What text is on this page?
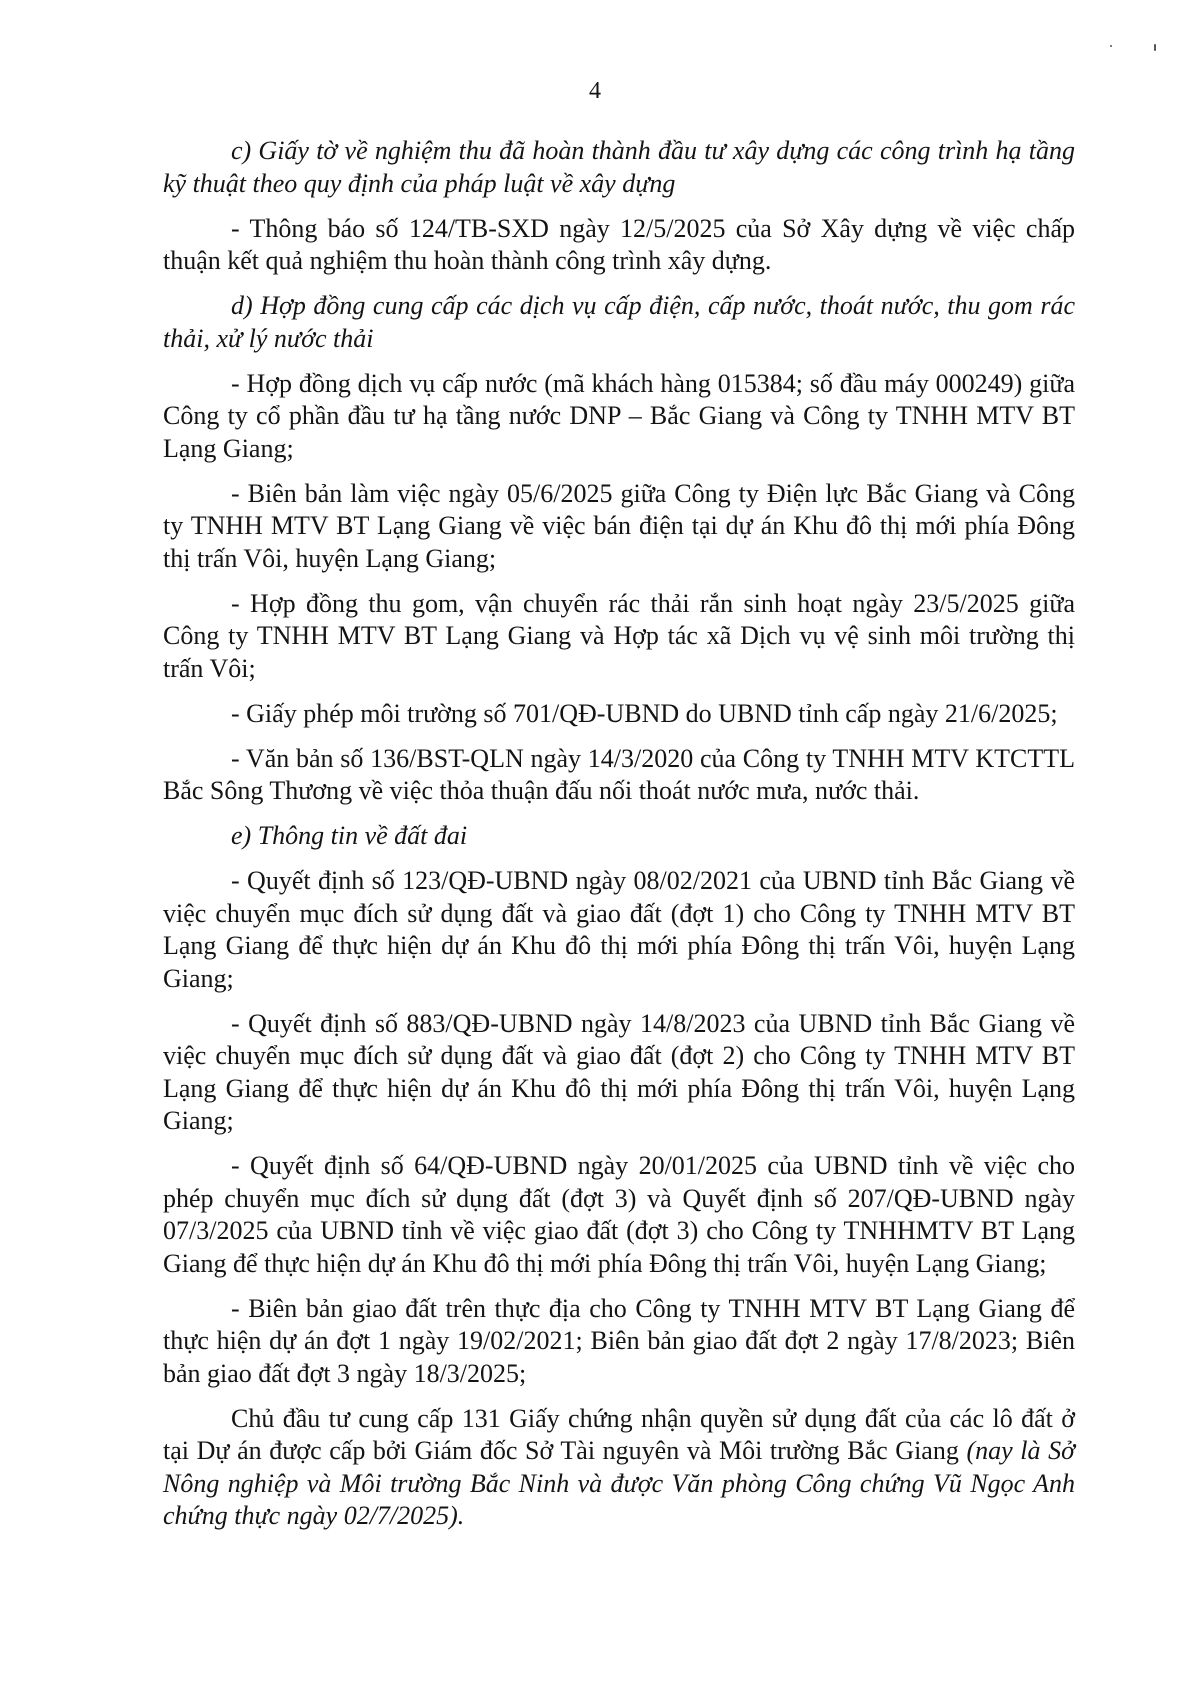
4

c) Giấy tờ về nghiệm thu đã hoàn thành đầu tư xây dựng các công trình hạ tầng kỹ thuật theo quy định của pháp luật về xây dựng

- Thông báo số 124/TB-SXD ngày 12/5/2025 của Sở Xây dựng về việc chấp thuận kết quả nghiệm thu hoàn thành công trình xây dựng.

d) Hợp đồng cung cấp các dịch vụ cấp điện, cấp nước, thoát nước, thu gom rác thải, xử lý nước thải

- Hợp đồng dịch vụ cấp nước (mã khách hàng 015384; số đầu máy 000249) giữa Công ty cổ phần đầu tư hạ tầng nước DNP – Bắc Giang và Công ty TNHH MTV BT Lạng Giang;

- Biên bản làm việc ngày 05/6/2025 giữa Công ty Điện lực Bắc Giang và Công ty TNHH MTV BT Lạng Giang về việc bán điện tại dự án Khu đô thị mới phía Đông thị trấn Vôi, huyện Lạng Giang;

- Hợp đồng thu gom, vận chuyển rác thải rắn sinh hoạt ngày 23/5/2025 giữa Công ty TNHH MTV BT Lạng Giang và Hợp tác xã Dịch vụ vệ sinh môi trường thị trấn Vôi;

- Giấy phép môi trường số 701/QĐ-UBND do UBND tỉnh cấp ngày 21/6/2025;

- Văn bản số 136/BST-QLN ngày 14/3/2020 của Công ty TNHH MTV KTCTTL Bắc Sông Thương về việc thỏa thuận đấu nối thoát nước mưa, nước thải.

e) Thông tin về đất đai

- Quyết định số 123/QĐ-UBND ngày 08/02/2021 của UBND tỉnh Bắc Giang về việc chuyển mục đích sử dụng đất và giao đất (đợt 1) cho Công ty TNHH MTV BT Lạng Giang để thực hiện dự án Khu đô thị mới phía Đông thị trấn Vôi, huyện Lạng Giang;

- Quyết định số 883/QĐ-UBND ngày 14/8/2023 của UBND tỉnh Bắc Giang về việc chuyển mục đích sử dụng đất và giao đất (đợt 2) cho Công ty TNHH MTV BT Lạng Giang để thực hiện dự án Khu đô thị mới phía Đông thị trấn Vôi, huyện Lạng Giang;

- Quyết định số 64/QĐ-UBND ngày 20/01/2025 của UBND tỉnh về việc cho phép chuyển mục đích sử dụng đất (đợt 3) và Quyết định số 207/QĐ-UBND ngày 07/3/2025 của UBND tỉnh về việc giao đất (đợt 3) cho Công ty TNHHMTV BT Lạng Giang để thực hiện dự án Khu đô thị mới phía Đông thị trấn Vôi, huyện Lạng Giang;

- Biên bản giao đất trên thực địa cho Công ty TNHH MTV BT Lạng Giang để thực hiện dự án đợt 1 ngày 19/02/2021; Biên bản giao đất đợt 2 ngày 17/8/2023; Biên bản giao đất đợt 3 ngày 18/3/2025;

Chủ đầu tư cung cấp 131 Giấy chứng nhận quyền sử dụng đất của các lô đất ở tại Dự án được cấp bởi Giám đốc Sở Tài nguyên và Môi trường Bắc Giang (nay là Sở Nông nghiệp và Môi trường Bắc Ninh và được Văn phòng Công chứng Vũ Ngọc Anh chứng thực ngày 02/7/2025).
